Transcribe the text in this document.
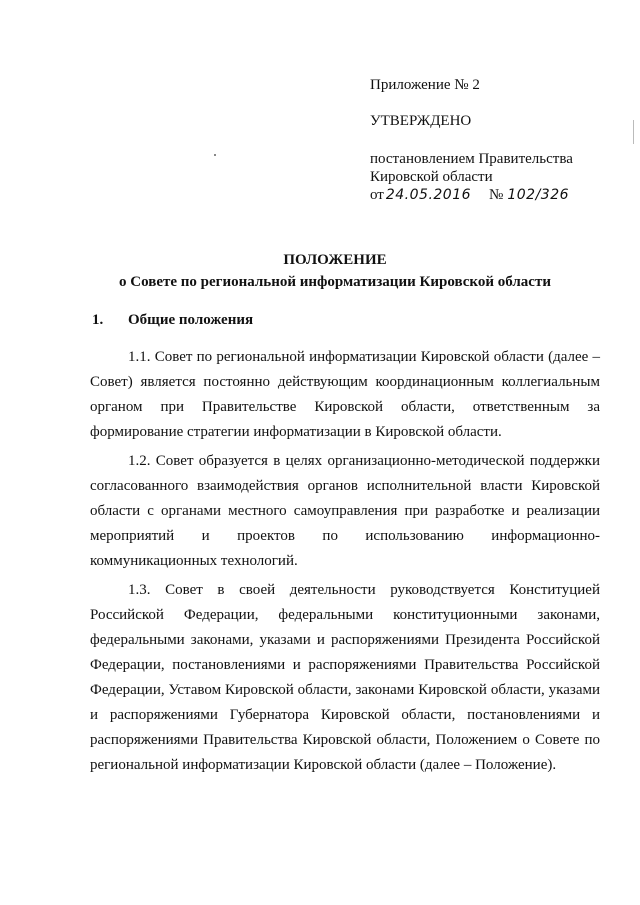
Приложение № 2
УТВЕРЖДЕНО
постановлением Правительства
Кировской области
от 24.05.2016 № 102/326
ПОЛОЖЕНИЕ
о Совете по региональной информатизации Кировской области
1. Общие положения

1.1. Совет по региональной информатизации Кировской области (далее – Совет) является постоянно действующим координационным коллегиальным органом при Правительстве Кировской области, ответственным за формирование стратегии информатизации в Кировской области.

1.2. Совет образуется в целях организационно-методической поддержки согласованного взаимодействия органов исполнительной власти Кировской области с органами местного самоуправления при разработке и реализации мероприятий и проектов по использованию информационно-коммуникационных технологий.

1.3. Совет в своей деятельности руководствуется Конституцией Российской Федерации, федеральными конституционными законами, федеральными законами, указами и распоряжениями Президента Российской Федерации, постановлениями и распоряжениями Правительства Российской Федерации, Уставом Кировской области, законами Кировской области, указами и распоряжениями Губернатора Кировской области, постановлениями и распоряжениями Правительства Кировской области, Положением о Совете по региональной информатизации Кировской области (далее – Положение).
